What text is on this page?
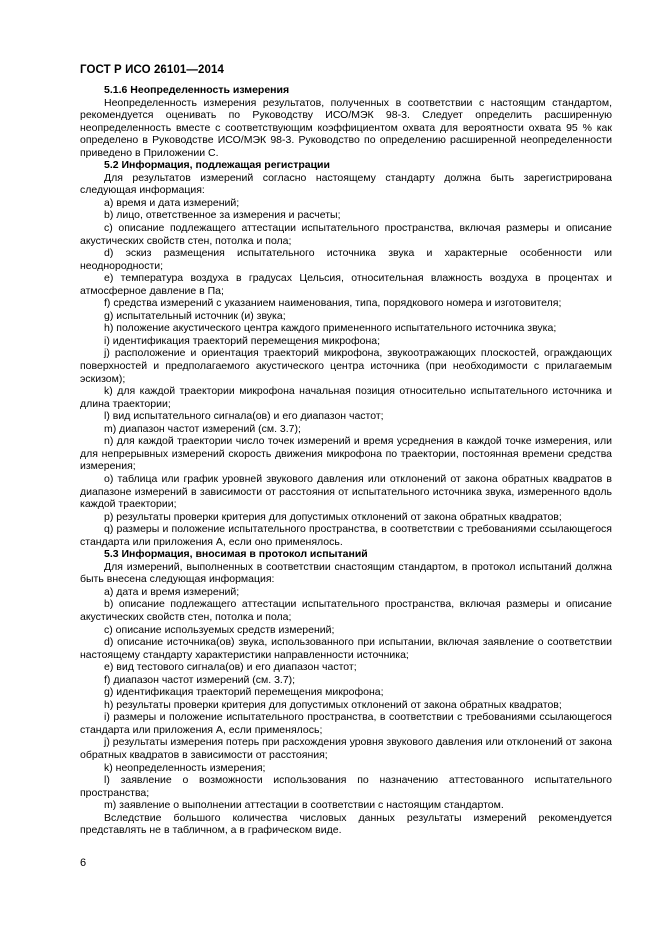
ГОСТ Р ИСО 26101—2014

5.1.6 Неопределенность измерения

Неопределенность измерения результатов, полученных в соответствии с настоящим стандартом, рекомендуется оценивать по Руководству ИСО/МЭК 98-3. Следует определить расширенную неопределенность вместе с соответствующим коэффициентом охвата для вероятности охвата 95 % как определено в Руководстве ИСО/МЭК 98-3. Руководство по определению расширенной неопределенности приведено в Приложении С.

5.2 Информация, подлежащая регистрации

Для результатов измерений согласно настоящему стандарту должна быть зарегистрирована следующая информация:

a) время и дата измерений;

b) лицо, ответственное за измерения и расчеты;

c) описание подлежащего аттестации испытательного пространства, включая размеры и описание акустических свойств стен, потолка и пола;

d) эскиз размещения испытательного источника звука и характерные особенности или неоднородности;

e) температура воздуха в градусах Цельсия, относительная влажность воздуха в процентах и атмосферное давление в Па;

f) средства измерений с указанием наименования, типа, порядкового номера и изготовителя;

g) испытательный источник (и) звука;

h) положение акустического центра каждого примененного испытательного источника звука;

i) идентификация траекторий перемещения микрофона;

j) расположение и ориентация траекторий микрофона, звукоотражающих плоскостей, ограждающих поверхностей и предполагаемого акустического центра источника (при необходимости с прилагаемым эскизом);

k) для каждой траектории микрофона начальная позиция относительно испытательного источника и длина траектории;

l) вид испытательного сигнала(ов) и его диапазон частот;

m) диапазон частот измерений (см. 3.7);

n) для каждой траектории число точек измерений и время усреднения в каждой точке измерения, или для непрерывных измерений скорость движения микрофона по траектории, постоянная времени средства измерения;

o) таблица или график уровней звукового давления или отклонений от закона обратных квадратов в диапазоне измерений в зависимости от расстояния от испытательного источника звука, измеренного вдоль каждой траектории;

p) результаты проверки критерия для допустимых отклонений от закона обратных квадратов;

q) размеры и положение испытательного пространства, в соответствии с требованиями ссылающегося стандарта или приложения А, если оно применялось.

5.3 Информация, вносимая в протокол испытаний

Для измерений, выполненных в соответствии снастоящим стандартом, в протокол испытаний должна быть внесена следующая информация:

a) дата и время измерений;

b) описание подлежащего аттестации испытательного пространства, включая размеры и описание акустических свойств стен, потолка и пола;

c) описание используемых средств измерений;

d) описание источника(ов) звука, использованного при испытании, включая заявление о соответствии настоящему стандарту характеристики направленности источника;

e) вид тестового сигнала(ов) и его диапазон частот;

f) диапазон частот измерений (см. 3.7);

g) идентификация траекторий перемещения микрофона;

h) результаты проверки критерия для допустимых отклонений от закона обратных квадратов;

i) размеры и положение испытательного пространства, в соответствии с требованиями ссылающегося стандарта или приложения А, если применялось;

j) результаты измерения потерь при расхождения уровня звукового давления или отклонений от закона обратных квадратов в зависимости от расстояния;

k) неопределенность измерения;

l) заявление о возможности использования по назначению аттестованного испытательного пространства;

m) заявление о выполнении аттестации в соответствии с настоящим стандартом.

Вследствие большого количества числовых данных результаты измерений рекомендуется представлять не в табличном, а в графическом виде.

6
